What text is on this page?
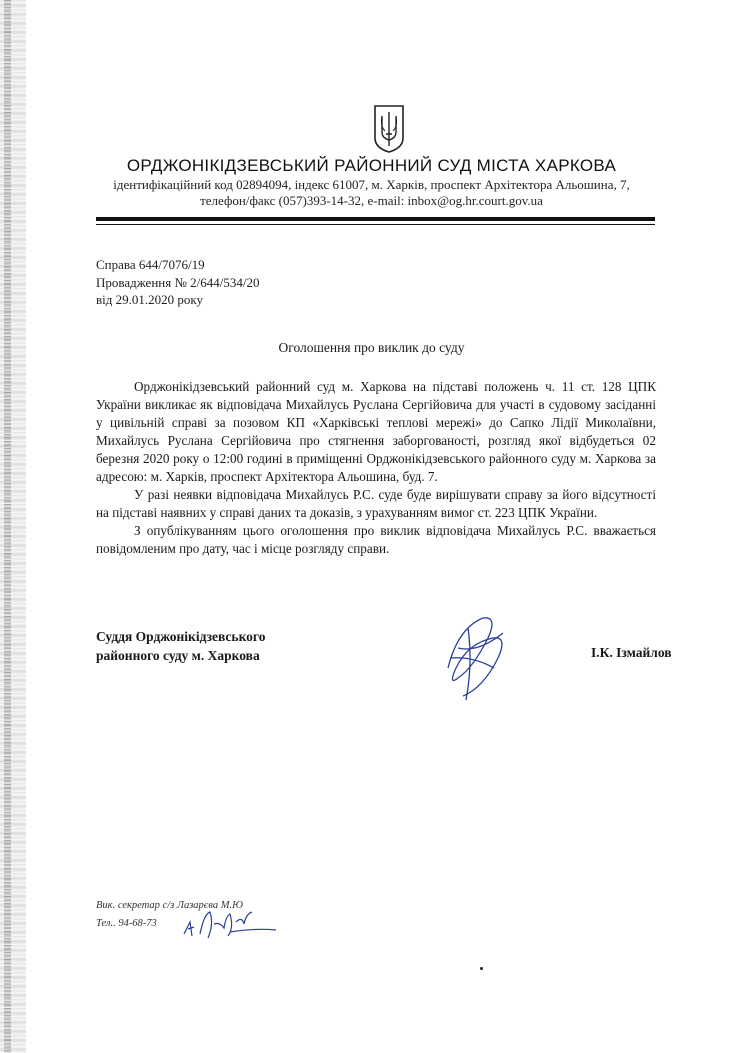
ОРДЖОНІКІДЗЕВСЬКИЙ РАЙОННИЙ СУД МІСТА ХАРКОВА
ідентифікаційний код 02894094, індекс 61007, м. Харків, проспект Архітектора Альошина, 7,
телефон/факс (057)393-14-32, e-mail: inbox@og.hr.court.gov.ua
Справа 644/7076/19
Провадження № 2/644/534/20
від 29.01.2020 року
Оголошення про виклик до суду

Орджонікідзевський районний суд м. Харкова на підставі положень ч. 11 ст. 128 ЦПК України викликає як відповідача Михайлусь Руслана Сергійовича для участі в судовому засіданні у цивільній справі за позовом КП «Харківські теплові мережі» до Сапко Лідії Миколаївни, Михайлусь Руслана Сергійовича про стягнення заборгованості, розгляд якої відбудеться 02 березня 2020 року о 12:00 годині в приміщенні Орджонікідзевського районного суду м. Харкова за адресою: м. Харків, проспект Архітектора Альошина, буд. 7.

У разі неявки відповідача Михайлусь Р.С. суде буде вирішувати справу за його відсутності на підставі наявних у справі даних та доказів, з урахуванням вимог ст. 223 ЦПК України.

З опублікуванням цього оголошення про виклик відповідача Михайлусь Р.С. вважається повідомленим про дату, час і місце розгляду справи.

Суддя Орджонікідзевського
районного суду м. Харкова	І.К. Ізмайлов
Вик. секретар с/з Лазарєва М.Ю
Тел.. 94-68-73
